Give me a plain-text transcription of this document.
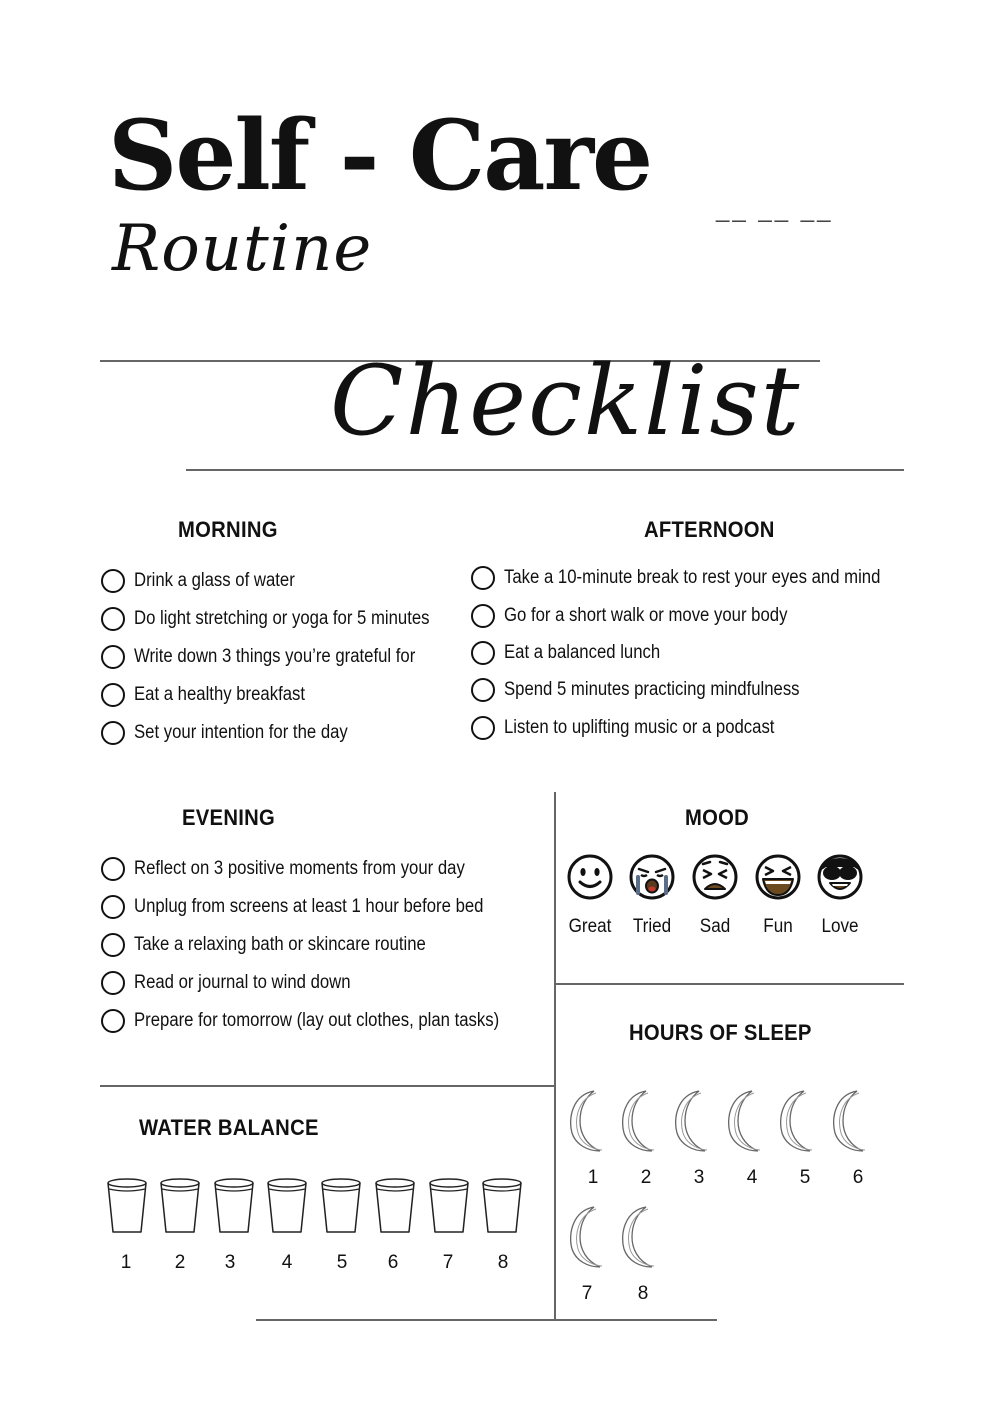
Self - Care
Routine
__ __ __
Checklist
MORNING
Drink a glass of water
Do light stretching or yoga for 5 minutes
Write down 3 things you’re grateful for
Eat a healthy breakfast
Set your intention for the day
AFTERNOON
Take a 10-minute break to rest your eyes and mind
Go for a short walk or move your body
Eat a balanced lunch
Spend 5 minutes practicing mindfulness
Listen to uplifting music or a podcast
EVENING
Reflect on 3 positive moments from your day
Unplug from screens at least 1 hour before bed
Take a relaxing bath or skincare routine
Read or journal to wind down
Prepare for tomorrow (lay out clothes, plan tasks)
MOOD
Great	Tried	Sad	Fun	Love
HOURS OF SLEEP
1	2	3	4	5	6
7	8
WATER BALANCE
1	2	3	4	5	6	7	8
